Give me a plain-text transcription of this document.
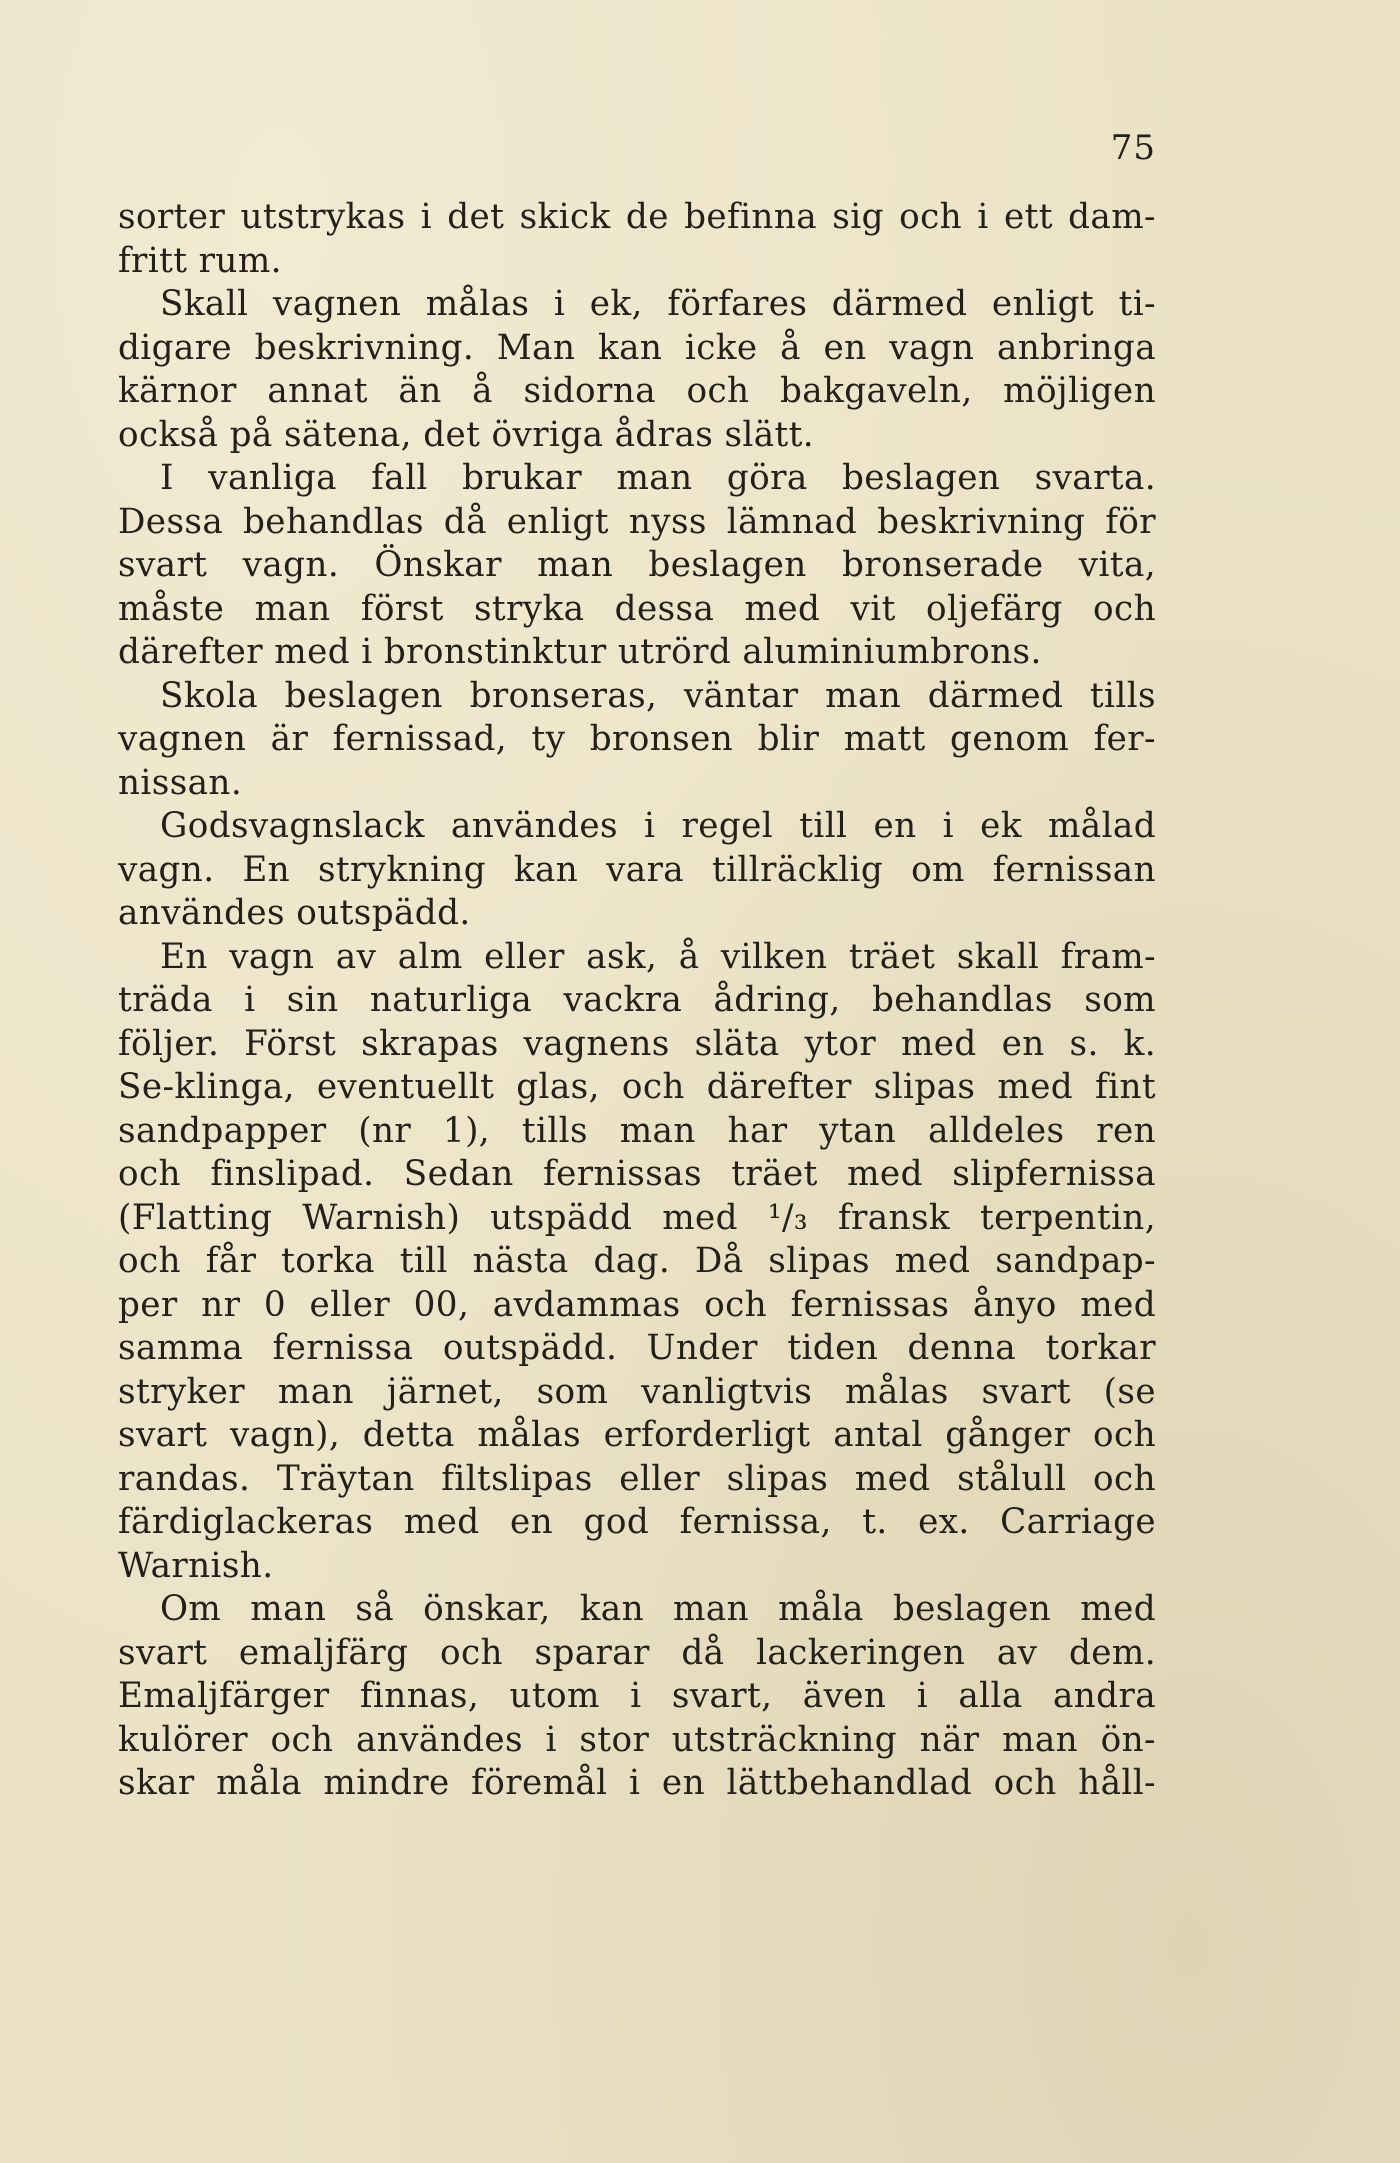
75
sorter utstrykas i det skick de befinna sig och i ett dam-
fritt rum.
Skall vagnen målas i ek, förfares därmed enligt ti-
digare beskrivning. Man kan icke å en vagn anbringa
kärnor annat än å sidorna och bakgaveln, möjligen
också på sätena, det övriga ådras slätt.
I vanliga fall brukar man göra beslagen svarta.
Dessa behandlas då enligt nyss lämnad beskrivning för
svart vagn. Önskar man beslagen bronserade vita,
måste man först stryka dessa med vit oljefärg och
därefter med i bronstinktur utrörd aluminiumbrons.
Skola beslagen bronseras, väntar man därmed tills
vagnen är fernissad, ty bronsen blir matt genom fer-
nissan.
Godsvagnslack användes i regel till en i ek målad
vagn. En strykning kan vara tillräcklig om fernissan
användes outspädd.
En vagn av alm eller ask, å vilken träet skall fram-
träda i sin naturliga vackra ådring, behandlas som
följer. Först skrapas vagnens släta ytor med en s. k.
Se-klinga, eventuellt glas, och därefter slipas med fint
sandpapper (nr 1), tills man har ytan alldeles ren
och finslipad. Sedan fernissas träet med slipfernissa
(Flatting Warnish) utspädd med ¹/₃ fransk terpentin,
och får torka till nästa dag. Då slipas med sandpap-
per nr 0 eller 00, avdammas och fernissas ånyo med
samma fernissa outspädd. Under tiden denna torkar
stryker man järnet, som vanligtvis målas svart (se
svart vagn), detta målas erforderligt antal gånger och
randas. Träytan filtslipas eller slipas med stålull och
färdiglackeras med en god fernissa, t. ex. Carriage
Warnish.
Om man så önskar, kan man måla beslagen med
svart emaljfärg och sparar då lackeringen av dem.
Emaljfärger finnas, utom i svart, även i alla andra
kulörer och användes i stor utsträckning när man ön-
skar måla mindre föremål i en lättbehandlad och håll-
